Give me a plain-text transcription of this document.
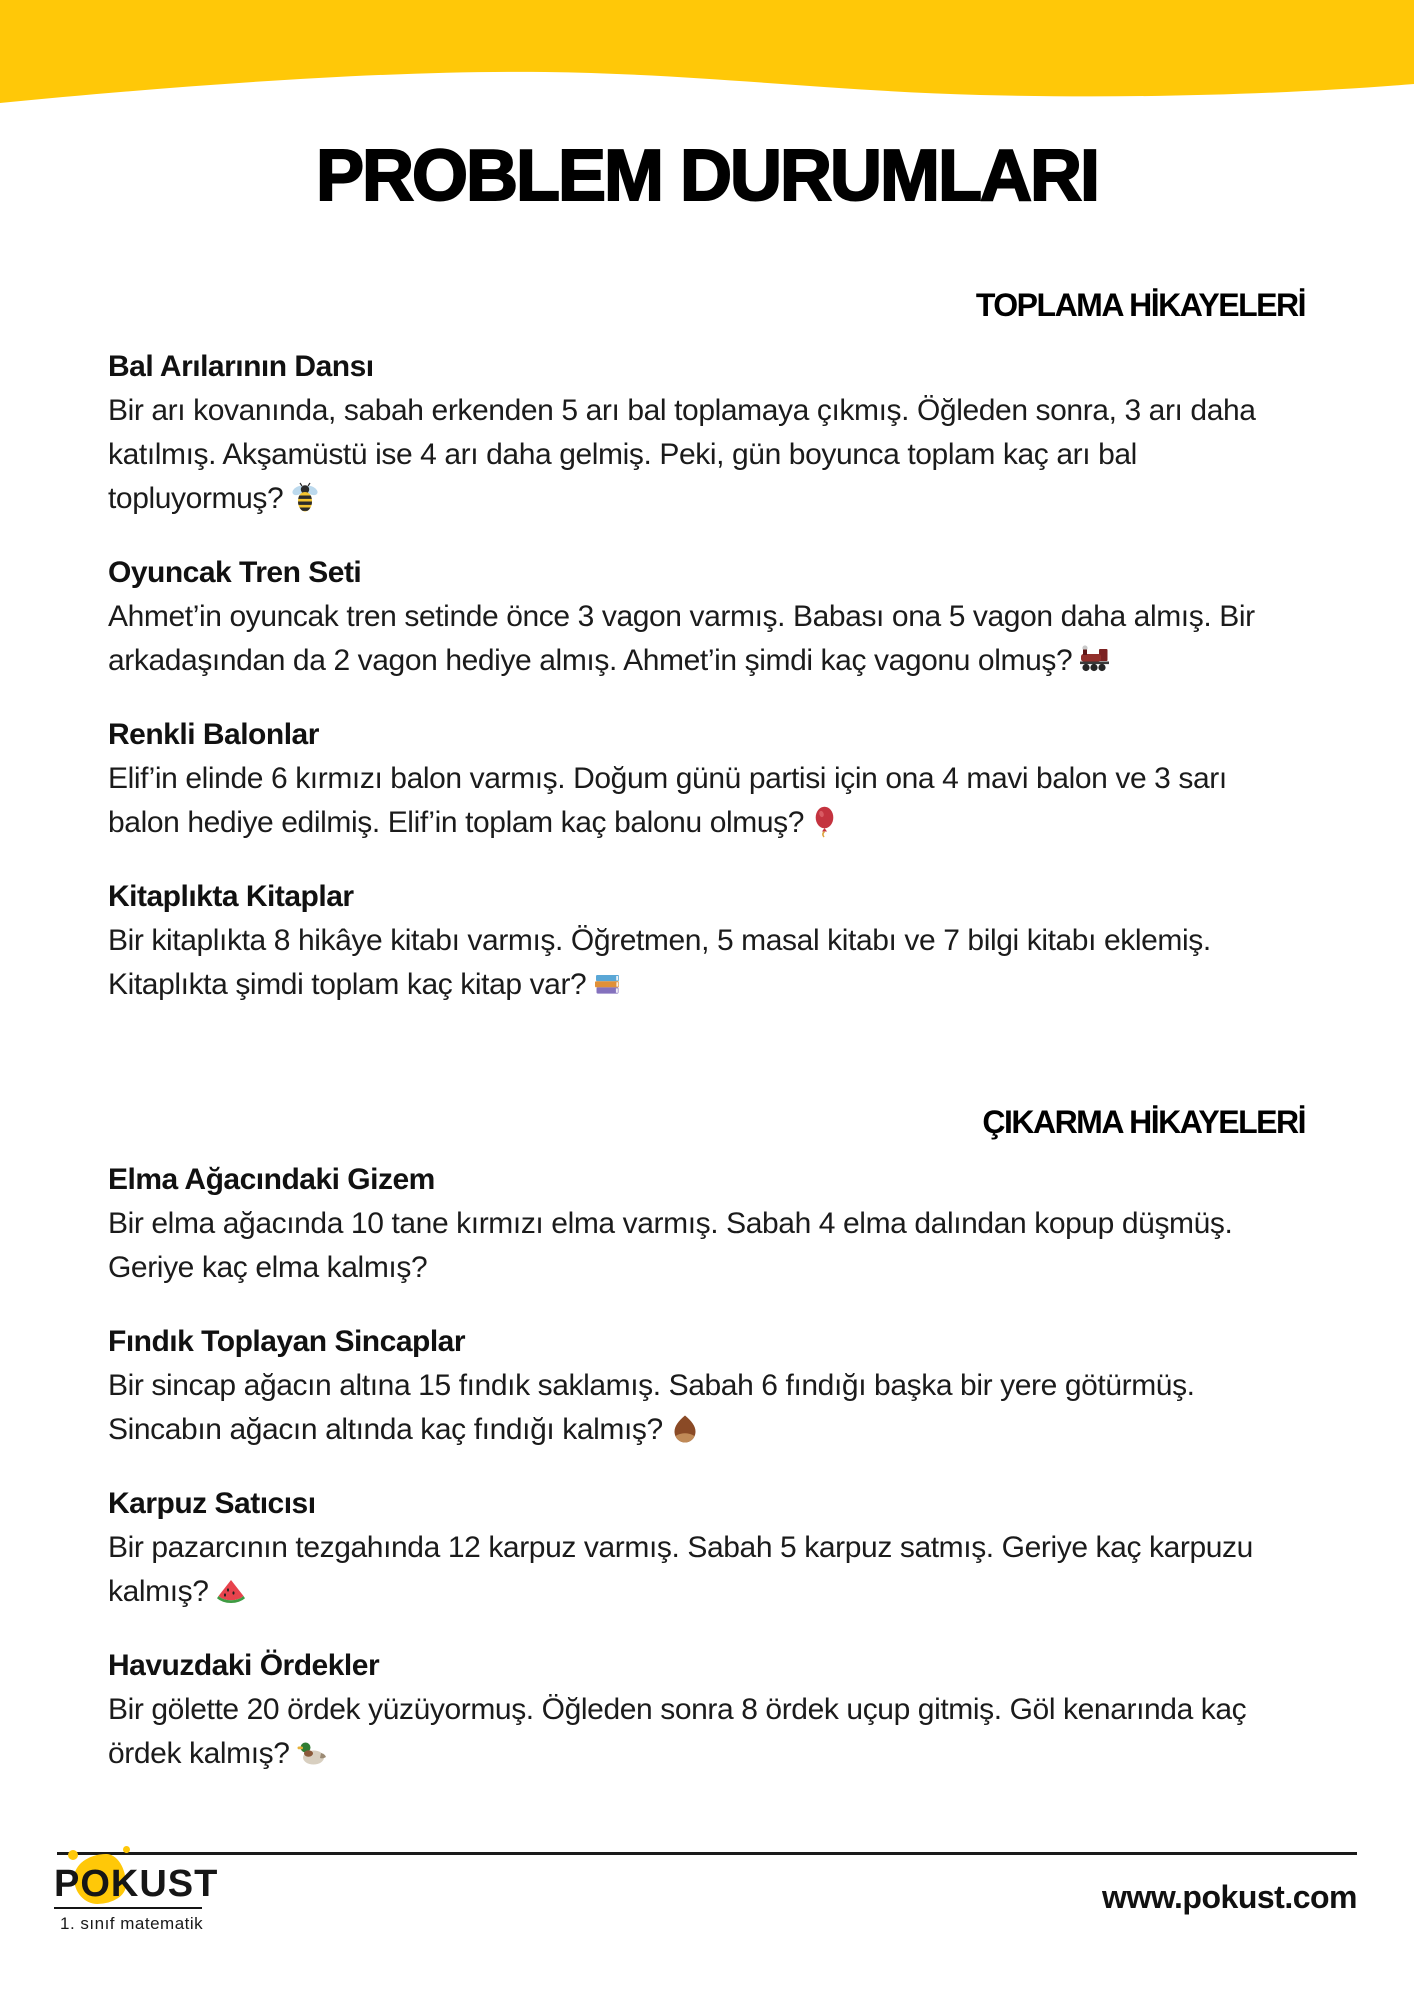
PROBLEM DURUMLARI
TOPLAMA HİKAYELERİ
Bal Arılarının Dansı

Bir arı kovanında, sabah erkenden 5 arı bal toplamaya çıkmış. Öğleden sonra, 3 arı daha katılmış. Akşamüstü ise 4 arı daha gelmiş. Peki, gün boyunca toplam kaç arı bal topluyormuş?

Oyuncak Tren Seti

Ahmet’in oyuncak tren setinde önce 3 vagon varmış. Babası ona 5 vagon daha almış. Bir arkadaşından da 2 vagon hediye almış. Ahmet’in şimdi kaç vagonu olmuş?

Renkli Balonlar

Elif’in elinde 6 kırmızı balon varmış. Doğum günü partisi için ona 4 mavi balon ve 3 sarı balon hediye edilmiş. Elif’in toplam kaç balonu olmuş?

Kitaplıkta Kitaplar

Bir kitaplıkta 8 hikâye kitabı varmış. Öğretmen, 5 masal kitabı ve 7 bilgi kitabı eklemiş. Kitaplıkta şimdi toplam kaç kitap var?

ÇIKARMA HİKAYELERİ
Elma Ağacındaki Gizem

Bir elma ağacında 10 tane kırmızı elma varmış. Sabah 4 elma dalından kopup düşmüş. Geriye kaç elma kalmış?

Fındık Toplayan Sincaplar

Bir sincap ağacın altına 15 fındık saklamış. Sabah 6 fındığı başka bir yere götürmüş. Sincabın ağacın altında kaç fındığı kalmış?

Karpuz Satıcısı

Bir pazarcının tezgahında 12 karpuz varmış. Sabah 5 karpuz satmış. Geriye kaç karpuzu kalmış?

Havuzdaki Ördekler

Bir gölette 20 ördek yüzüyormuş. Öğleden sonra 8 ördek uçup gitmiş. Göl kenarında kaç ördek kalmış?

POKUST

1. sınıf matematik

www.pokust.com
